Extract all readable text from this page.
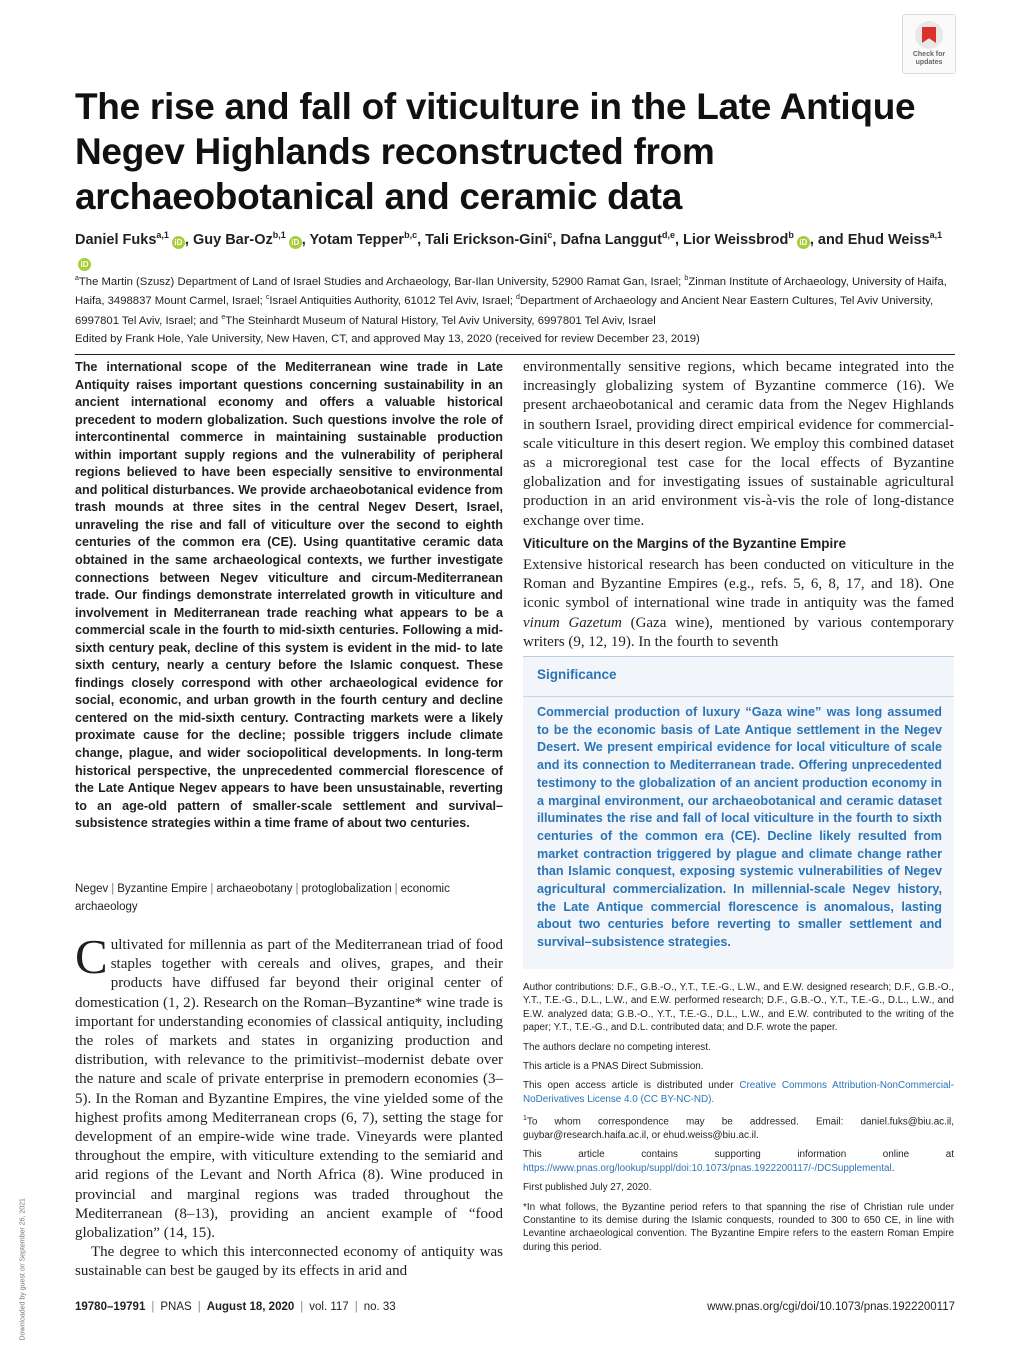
Check for
updates
The rise and fall of viticulture in the Late Antique Negev Highlands reconstructed from archaeobotanical and ceramic data
Daniel Fuks$^{a,1}$iD , Guy Bar-Oz$^{b,1}$iD , Yotam Tepper$^{b,c}$, Tali Erickson-Gini$^c$, Dafna Langgut$^{d,e}$, Lior Weissbrod$^b$iD , and Ehud Weiss$^{a,1}$iD
$^a$The Martin (Szusz) Department of Land of Israel Studies and Archaeology, Bar-Ilan University, 52900 Ramat Gan, Israel; $^b$Zinman Institute of Archaeology, University of Haifa, Haifa, 3498837 Mount Carmel, Israel; $^c$Israel Antiquities Authority, 61012 Tel Aviv, Israel; $^d$Department of Archaeology and Ancient Near Eastern Cultures, Tel Aviv University, 6997801 Tel Aviv, Israel; and $^e$The Steinhardt Museum of Natural History, Tel Aviv University, 6997801 Tel Aviv, Israel
Edited by Frank Hole, Yale University, New Haven, CT, and approved May 13, 2020 (received for review December 23, 2019)
The international scope of the Mediterranean wine trade in Late Antiquity raises important questions concerning sustainability in an ancient international economy and offers a valuable historical precedent to modern globalization. Such questions involve the role of intercontinental commerce in maintaining sustainable production within important supply regions and the vulnerability of peripheral regions believed to have been especially sensitive to environmental and political disturbances. We provide archaeobotanical evidence from trash mounds at three sites in the central Negev Desert, Israel, unraveling the rise and fall of viticulture over the second to eighth centuries of the common era (CE). Using quantitative ceramic data obtained in the same archaeological contexts, we further investigate connections between Negev viticulture and circum-Mediterranean trade. Our findings demonstrate interrelated growth in viticulture and involvement in Mediterranean trade reaching what appears to be a commercial scale in the fourth to mid-sixth centuries. Following a mid-sixth century peak, decline of this system is evident in the mid- to late sixth century, nearly a century before the Islamic conquest. These findings closely correspond with other archaeological evidence for social, economic, and urban growth in the fourth century and decline centered on the mid-sixth century. Contracting markets were a likely proximate cause for the decline; possible triggers include climate change, plague, and wider sociopolitical developments. In long-term historical perspective, the unprecedented commercial florescence of the Late Antique Negev appears to have been unsustainable, reverting to an age-old pattern of smaller-scale settlement and survival–subsistence strategies within a time frame of about two centuries.
Negev | Byzantine Empire | archaeobotany | protoglobalization | economic archaeology

Cultivated for millennia as part of the Mediterranean triad of food staples together with cereals and olives, grapes, and their products have diffused far beyond their original center of domestication (1, 2). Research on the Roman–Byzantine* wine trade is important for understanding economies of classical antiquity, including the roles of markets and states in organizing production and distribution, with relevance to the primitivist–modernist debate over the nature and scale of private enterprise in premodern economies (3–5). In the Roman and Byzantine Empires, the vine yielded some of the highest profits among Mediterranean crops (6, 7), setting the stage for development of an empire-wide wine trade. Vineyards were planted throughout the empire, with viticulture extending to the semiarid and arid regions of the Levant and North Africa (8). Wine produced in provincial and marginal regions was traded throughout the Mediterranean (8–13), providing an ancient example of “food globalization” (14, 15).

The degree to which this interconnected economy of antiquity was sustainable can best be gauged by its effects in arid and

environmentally sensitive regions, which became integrated into the increasingly globalizing system of Byzantine commerce (16). We present archaeobotanical and ceramic data from the Negev Highlands in southern Israel, providing direct empirical evidence for commercial-scale viticulture in this desert region. We employ this combined dataset as a microregional test case for the local effects of Byzantine globalization and for investigating issues of sustainable agricultural production in an arid environment vis-à-vis the role of long-distance exchange over time.
Viticulture on the Margins of the Byzantine Empire
Extensive historical research has been conducted on viticulture in the Roman and Byzantine Empires (e.g., refs. 5, 6, 8, 17, and 18). One iconic symbol of international wine trade in antiquity was the famed vinum Gazetum (Gaza wine), mentioned by various contemporary writers (9, 12, 19). In the fourth to seventh
Significance
Commercial production of luxury “Gaza wine” was long assumed to be the economic basis of Late Antique settlement in the Negev Desert. We present empirical evidence for local viticulture of scale and its connection to Mediterranean trade. Offering unprecedented testimony to the globalization of an ancient production economy in a marginal environment, our archaeobotanical and ceramic dataset illuminates the rise and fall of local viticulture in the fourth to sixth centuries of the common era (CE). Decline likely resulted from market contraction triggered by plague and climate change rather than Islamic conquest, exposing systemic vulnerabilities of Negev agricultural commercialization. In millennial-scale Negev history, the Late Antique commercial florescence is anomalous, lasting about two centuries before reverting to smaller settlement and survival–subsistence strategies.

Author contributions: D.F., G.B.-O., Y.T., T.E.-G., L.W., and E.W. designed research; D.F., G.B.-O., Y.T., T.E.-G., D.L., L.W., and E.W. performed research; D.F., G.B.-O., Y.T., T.E.-G., D.L., L.W., and E.W. analyzed data; G.B.-O., Y.T., T.E.-G., D.L., L.W., and E.W. contributed to the writing of the paper; Y.T., T.E.-G., and D.L. contributed data; and D.F. wrote the paper.

The authors declare no competing interest.

This article is a PNAS Direct Submission.

This open access article is distributed under Creative Commons Attribution-NonCommercial-NoDerivatives License 4.0 (CC BY-NC-ND).

$^1$To whom correspondence may be addressed. Email: daniel.fuks@biu.ac.il, guybar@research.haifa.ac.il, or ehud.weiss@biu.ac.il.

This article contains supporting information online at https://www.pnas.org/lookup/suppl/doi:10.1073/pnas.1922200117/-/DCSupplemental.

First published July 27, 2020.

*In what follows, the Byzantine period refers to that spanning the rise of Christian rule under Constantine to its demise during the Islamic conquests, rounded to 300 to 650 CE, in line with Levantine archaeological convention. The Byzantine Empire refers to the eastern Roman Empire during this period.

19780–19791 | PNAS | August 18, 2020 | vol. 117 | no. 33	www.pnas.org/cgi/doi/10.1073/pnas.1922200117
Downloaded by guest on September 26, 2021
